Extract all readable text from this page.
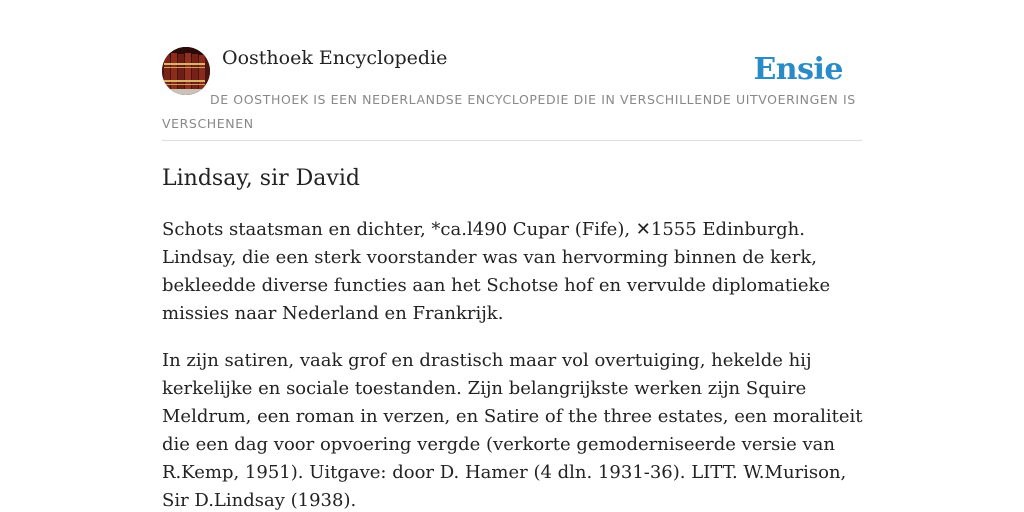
Oosthoek Encyclopedie	Ensie

DE OOSTHOEK IS EEN NEDERLANDSE ENCYCLOPEDIE DIE IN VERSCHILLENDE UITVOERINGEN IS VERSCHENEN

Lindsay, sir David

Schots staatsman en dichter, *ca.l490 Cupar (Fife), ✕1555 Edinburgh. Lindsay, die een sterk voorstander was van hervorming binnen de kerk, bekleedde diverse functies aan het Schotse hof en vervulde diplomatieke missies naar Nederland en Frankrijk.

In zijn satiren, vaak grof en drastisch maar vol overtuiging, hekelde hij kerkelijke en sociale toestanden. Zijn belangrijkste werken zijn Squire Meldrum, een roman in verzen, en Satire of the three estates, een moraliteit die een dag voor opvoering vergde (verkorte gemoderniseerde versie van R.Kemp, 1951). Uitgave: door D. Hamer (4 dln. 1931-36). LITT. W.Murison, Sir D.Lindsay (1938).
